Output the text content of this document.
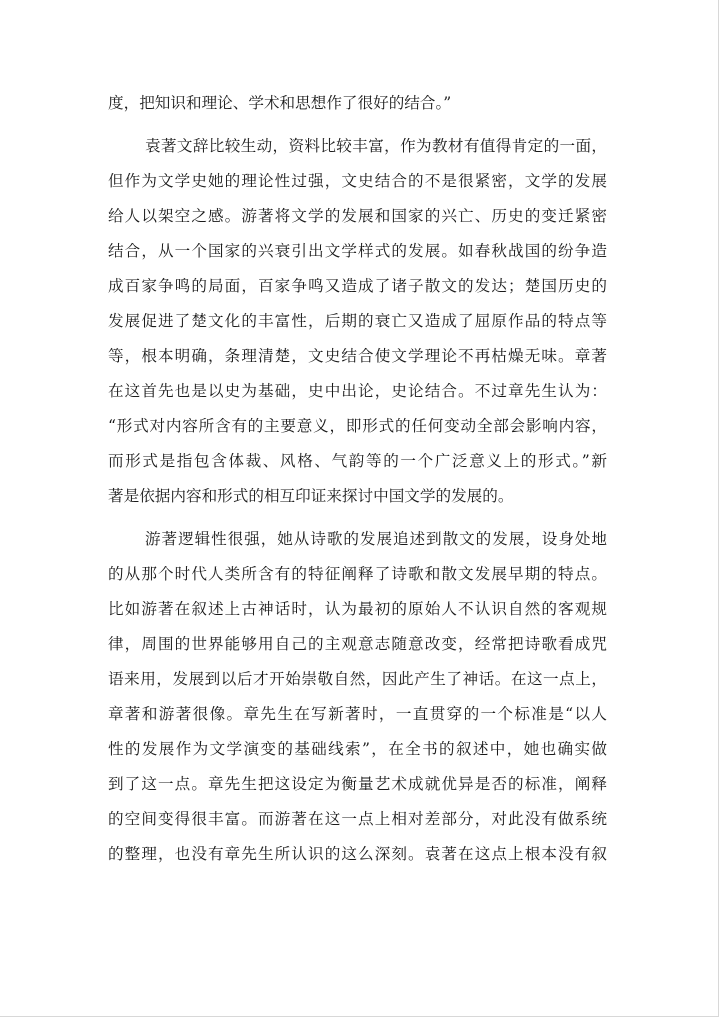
度，把知识和理论、学术和思想作了很好的结合。”
袁著文辞比较生动，资料比较丰富，作为教材有值得肯定的一面，
但作为文学史她的理论性过强，文史结合的不是很紧密，文学的发展
给人以架空之感。游著将文学的发展和国家的兴亡、历史的变迁紧密
结合，从一个国家的兴衰引出文学样式的发展。如春秋战国的纷争造
成百家争鸣的局面，百家争鸣又造成了诸子散文的发达；楚国历史的
发展促进了楚文化的丰富性，后期的衰亡又造成了屈原作品的特点等
等，根本明确，条理清楚，文史结合使文学理论不再枯燥无味。章著
在这首先也是以史为基础，史中出论，史论结合。不过章先生认为：
“形式对内容所含有的主要意义，即形式的任何变动全部会影响内容，
而形式是指包含体裁、风格、气韵等的一个广泛意义上的形式。”新
著是依据内容和形式的相互印证来探讨中国文学的发展的。
游著逻辑性很强，她从诗歌的发展追述到散文的发展，设身处地
的从那个时代人类所含有的特征阐释了诗歌和散文发展早期的特点。
比如游著在叙述上古神话时，认为最初的原始人不认识自然的客观规
律，周围的世界能够用自己的主观意志随意改变，经常把诗歌看成咒
语来用，发展到以后才开始崇敬自然，因此产生了神话。在这一点上，
章著和游著很像。章先生在写新著时，一直贯穿的一个标准是“以人
性的发展作为文学演变的基础线索”，在全书的叙述中，她也确实做
到了这一点。章先生把这设定为衡量艺术成就优异是否的标准，阐释
的空间变得很丰富。而游著在这一点上相对差部分，对此没有做系统
的整理，也没有章先生所认识的这么深刻。袁著在这点上根本没有叙
